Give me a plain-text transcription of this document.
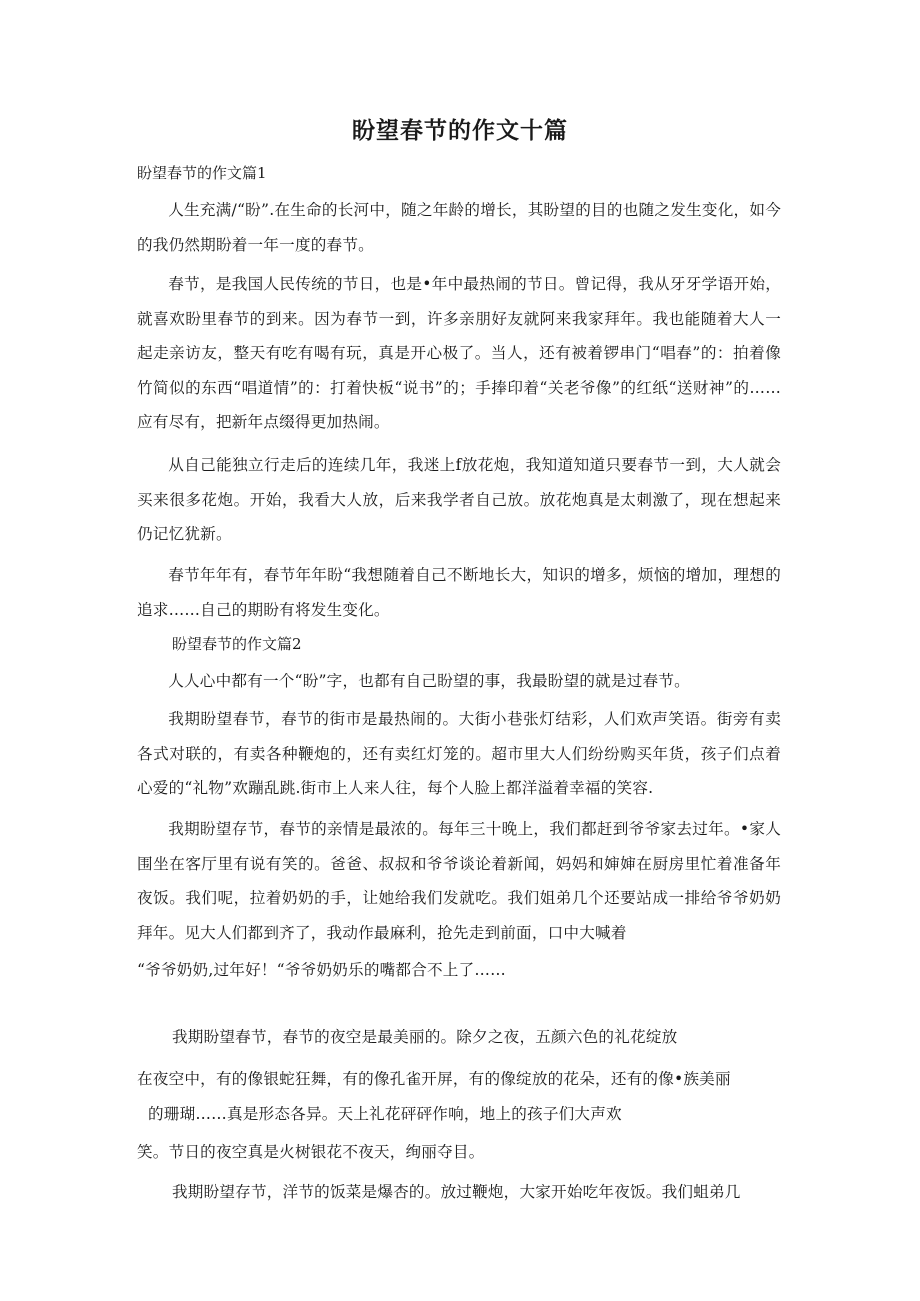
盼望春节的作文十篇
盼望春节的作文篇1

人生充满/“盼”.在生命的长河中，随之年龄的增长，其盼望的目的也随之发生变化，如今的我仍然期盼着一年一度的春节。

春节，是我国人民传统的节日，也是•年中最热闹的节日。曾记得，我从牙牙学语开始，就喜欢盼里春节的到来。因为春节一到，许多亲朋好友就阿来我家拜年。我也能随着大人一起走亲访友，整天有吃有喝有玩，真是开心极了。当人，还有被着锣串门“唱春”的：拍着像竹简似的东西“唱道情”的：打着快板“说书”的；手捧印着“关老爷像”的红纸“送财神”的……应有尽有，把新年点缀得更加热闹。

从自己能独立行走后的连续几年，我迷上f放花炮，我知道知道只要春节一到，大人就会买来很多花炮。开始，我看大人放，后来我学者自己放。放花炮真是太刺激了，现在想起来仍记忆犹新。

春节年年有，春节年年盼“我想随着自己不断地长大，知识的增多，烦恼的增加，理想的追求……自己的期盼有将发生变化。

盼望春节的作文篇2

人人心中都有一个“盼”字，也都有自己盼望的事，我最盼望的就是过春节。

我期盼望春节，春节的街市是最热闹的。大街小巷张灯结彩，人们欢声笑语。街旁有卖各式对联的，有卖各种鞭炮的，还有卖红灯笼的。超市里大人们纷纷购买年货，孩子们点着心爱的“礼物”欢蹦乱跳.街市上人来人往，每个人脸上都洋溢着幸福的笑容.

我期盼望存节，春节的亲情是最浓的。每年三十晚上，我们都赶到爷爷家去过年。•家人围坐在客厅里有说有笑的。爸爸、叔叔和爷爷谈论着新闻，妈妈和婶婶在厨房里忙着准备年夜饭。我们呢，拉着奶奶的手，让她给我们发就吃。我们姐弟几个还要站成一排给爷爷奶奶拜年。见大人们都到齐了，我动作最麻利，抢先走到前面，口中大喊着

“爷爷奶奶,过年好！“爷爷奶奶乐的嘴都合不上了……
我期盼望春节，春节的夜空是最美丽的。除夕之夜，五颜六色的礼花绽放
在夜空中，有的像银蛇狂舞，有的像孔雀开屏，有的像绽放的花朵，还有的像•族美丽
的珊瑚……真是形态各异。天上礼花砰砰作响，地上的孩子们大声欢
笑。节日的夜空真是火树银花不夜天，绚丽夺目。
我期盼望存节，洋节的饭菜是爆杏的。放过鞭炮，大家开始吃年夜饭。我们蛆弟几
